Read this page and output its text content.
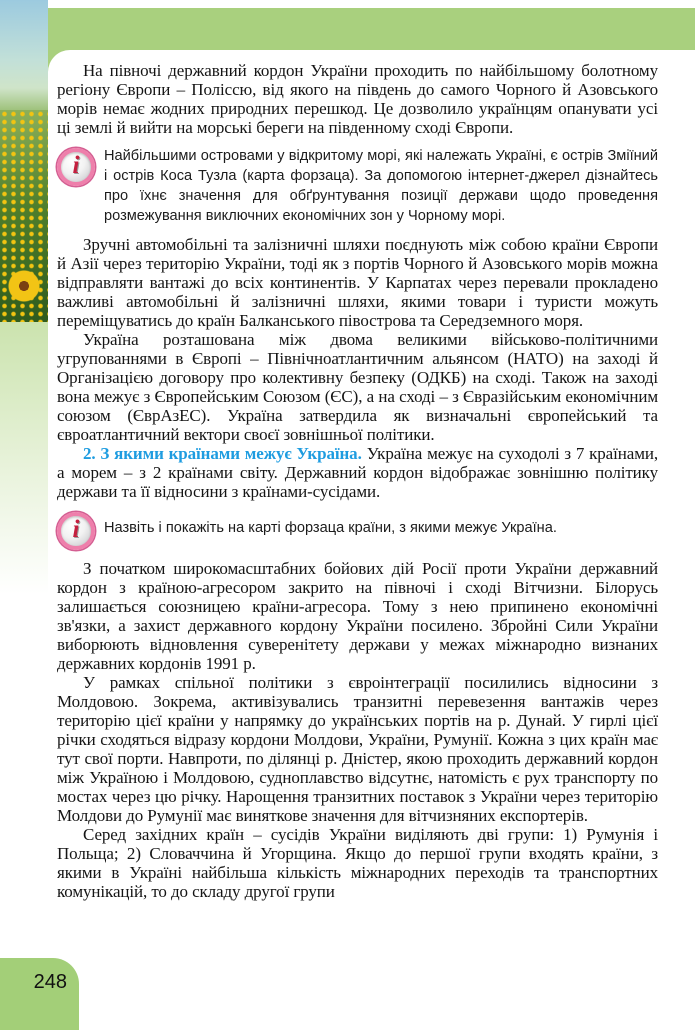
На півночі державний кордон України проходить по найбільшому болотному регіону Європи – Поліссю, від якого на південь до самого Чорного й Азовського морів немає жодних природних перешкод. Це дозволило українцям опанувати усі ці землі й вийти на морські береги на південному сході Європи.

i	Найбільшими островами у відкритому морі, які належать Україні, є острів Зміїний і острів Коса Тузла (карта форзаца). За допомогою інтернет-джерел дізнайтесь про їхнє значення для обґрунтування позиції держави щодо проведення розмежування виключних економічних зон у Чорному морі.

Зручні автомобільні та залізничні шляхи поєднують між собою країни Європи й Азії через територію України, тоді як з портів Чорного й Азовського морів можна відправляти вантажі до всіх континентів. У Карпатах через перевали прокладено важливі автомобільні й залізничні шляхи, якими товари і туристи можуть переміщуватись до країн Балканського півострова та Середземного моря.

Україна розташована між двома великими військово-політичними угрупованнями в Європі – Північноатлантичним альянсом (НАТО) на заході й Організацією договору про колективну безпеку (ОДКБ) на сході. Також на заході вона межує з Європейським Союзом (ЄС), а на сході – з Євразійським економічним союзом (ЄврАзЕС). Україна затвердила як визначальні європейський та євроатлантичний вектори своєї зовнішньої політики.

2. З якими країнами межує Україна. Україна межує на суходолі з 7 країнами, а морем – з 2 країнами світу. Державний кордон відображає зовнішню політику держави та її відносини з країнами-сусідами.

i	Назвіть і покажіть на карті форзаца країни, з якими межує Україна.

З початком широкомасштабних бойових дій Росії проти України державний кордон з країною-агресором закрито на півночі і сході Вітчизни. Білорусь залишається союзницею країни-агресора. Тому з нею припинено економічні зв'язки, а захист державного кордону України посилено. Збройні Сили України виборюють відновлення суверенітету держави у межах міжнародно визнаних державних кордонів 1991 р.

У рамках спільної політики з євроінтеграції посилились відносини з Молдовою. Зокрема, активізувались транзитні перевезення вантажів через територію цієї країни у напрямку до українських портів на р. Дунай. У гирлі цієї річки сходяться відразу кордони Молдови, України, Румунії. Кожна з цих країн має тут свої порти. Навпроти, по ділянці р. Дністер, якою проходить державний кордон між Україною і Молдовою, судноплавство відсутнє, натомість є рух транспорту по мостах через цю річку. Нарощення транзитних поставок з України через територію Молдови до Румунії має виняткове значення для вітчизняних експортерів.

Серед західних країн – сусідів України виділяють дві групи: 1) Румунія і Польща; 2) Словаччина й Угорщина. Якщо до першої групи входять країни, з якими в Україні найбільша кількість міжнародних переходів та транспортних комунікацій, то до складу другої групи

248
